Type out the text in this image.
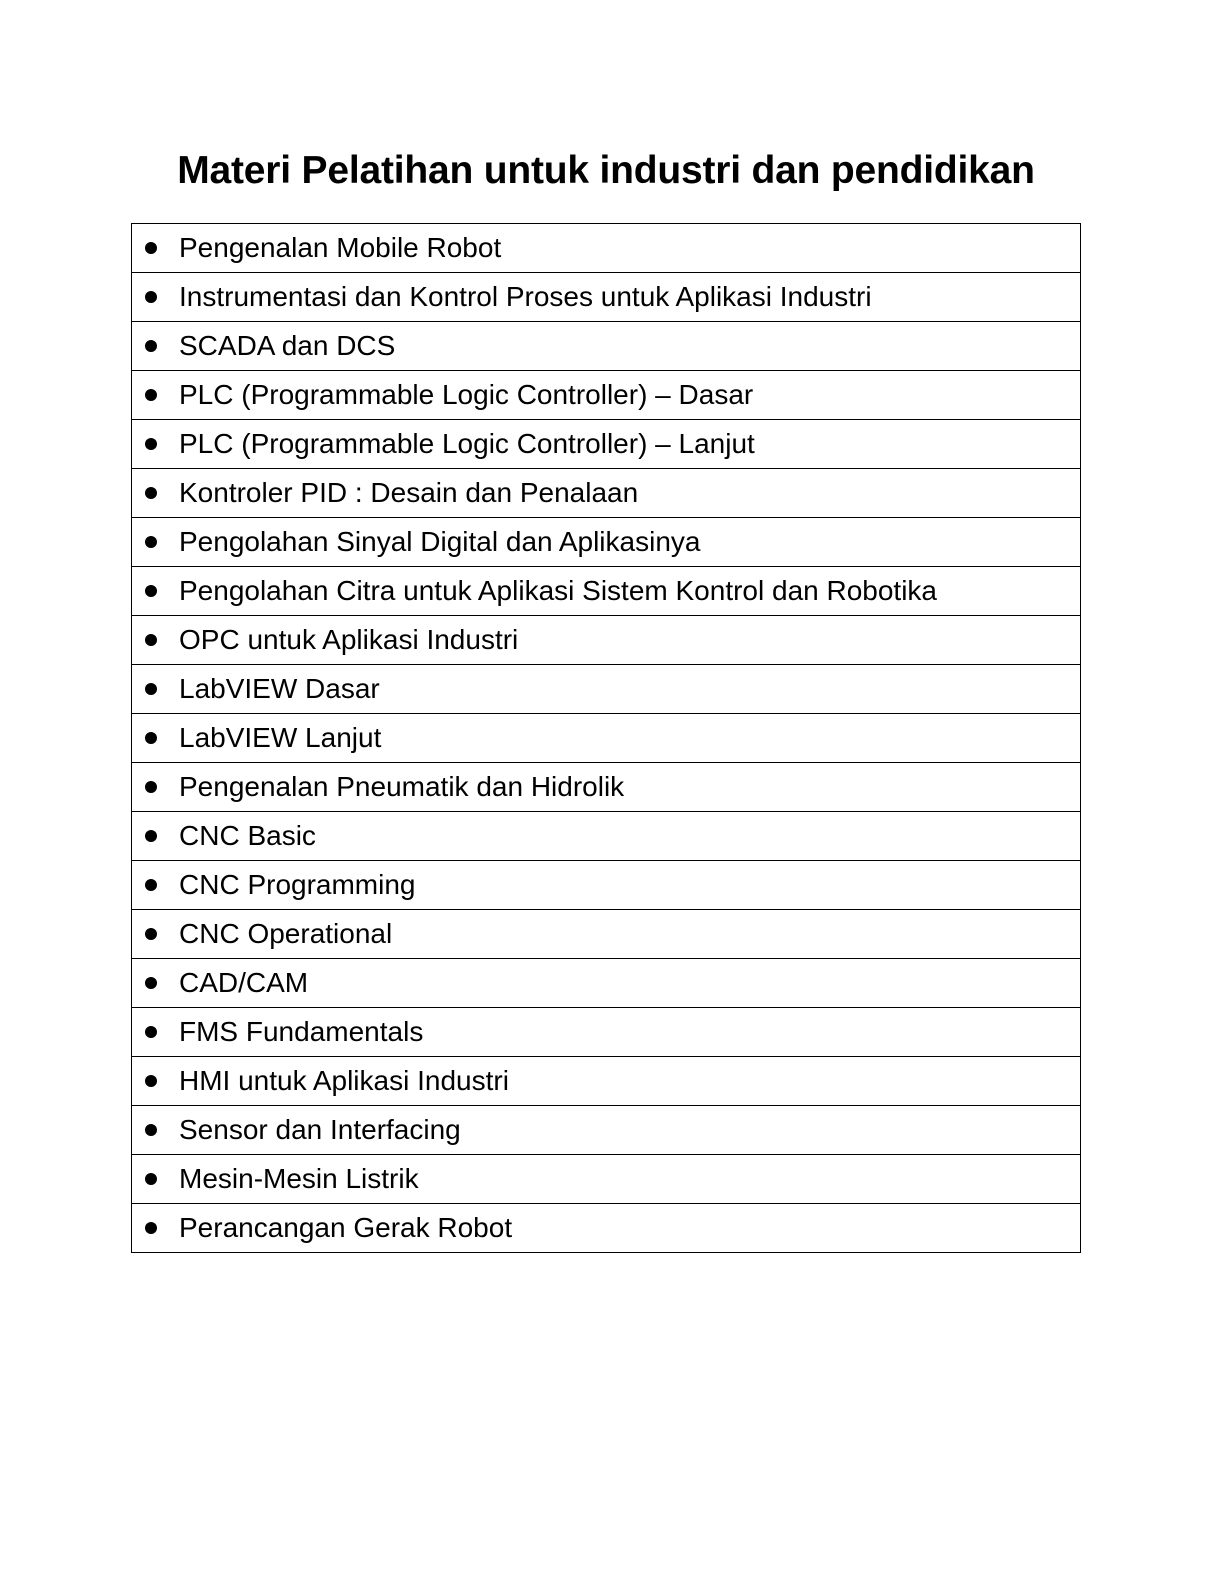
Materi Pelatihan untuk industri dan pendidikan
Pengenalan Mobile Robot

Instrumentasi dan Kontrol Proses untuk Aplikasi Industri

SCADA dan DCS

PLC (Programmable Logic Controller) – Dasar

PLC (Programmable Logic Controller) – Lanjut

Kontroler PID : Desain dan Penalaan

Pengolahan Sinyal Digital dan Aplikasinya

Pengolahan Citra untuk Aplikasi Sistem Kontrol dan Robotika

OPC untuk Aplikasi Industri

LabVIEW Dasar

LabVIEW Lanjut

Pengenalan Pneumatik dan Hidrolik

CNC Basic

CNC Programming

CNC Operational

CAD/CAM

FMS Fundamentals

HMI untuk Aplikasi Industri

Sensor dan Interfacing

Mesin-Mesin Listrik

Perancangan Gerak Robot
